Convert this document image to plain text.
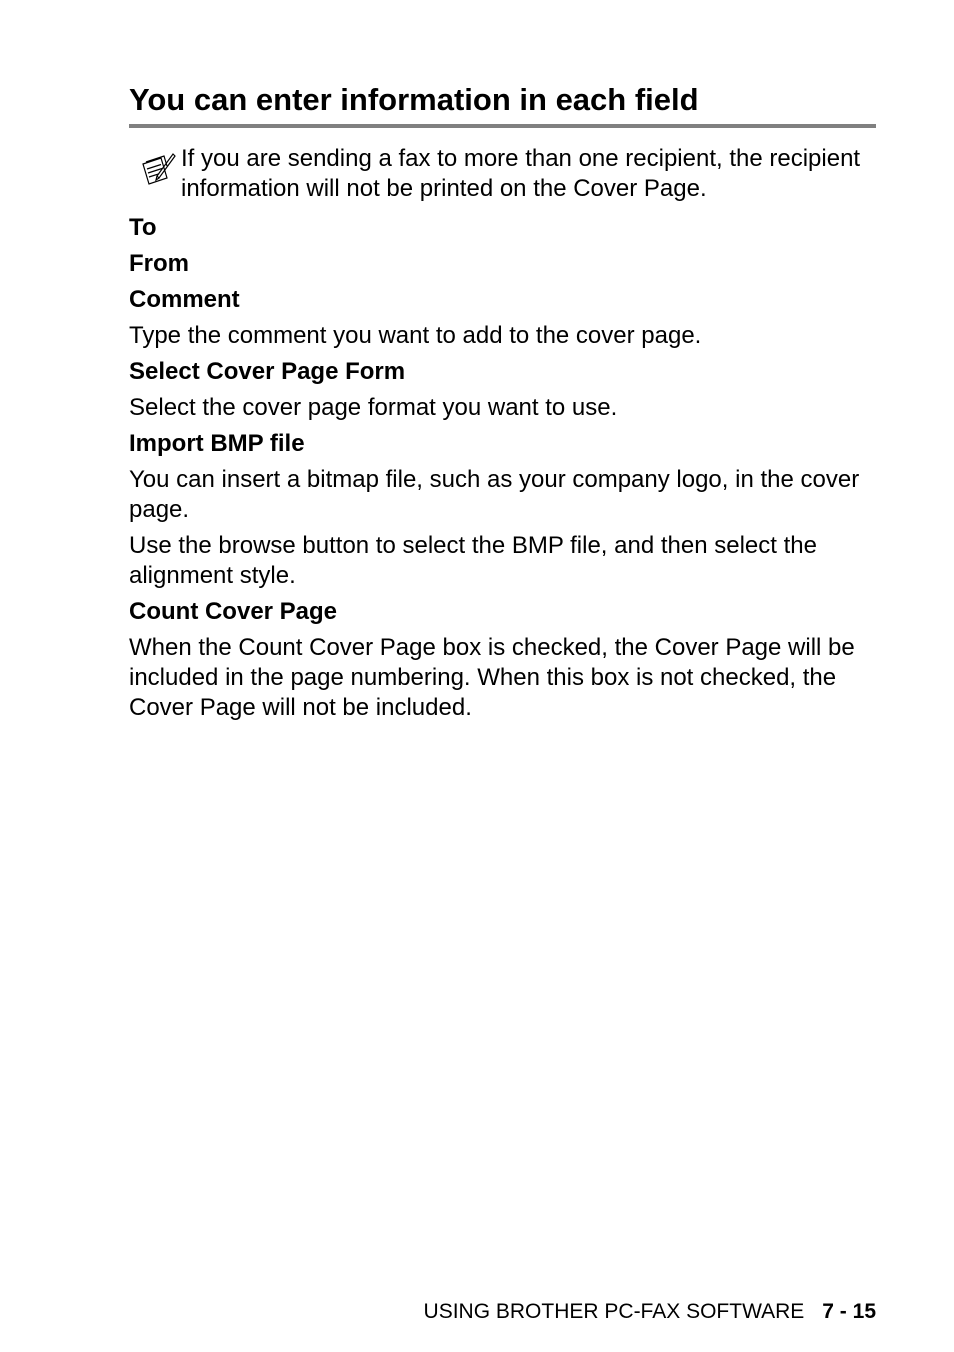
You can enter information in each field

If you are sending a fax to more than one recipient, the recipient information will not be printed on the Cover Page.

To

From

Comment

Type the comment you want to add to the cover page.

Select Cover Page Form

Select the cover page format you want to use.

Import BMP file

You can insert a bitmap file, such as your company logo, in the cover page.

Use the browse button to select the BMP file, and then select the alignment style.

Count Cover Page

When the Count Cover Page box is checked, the Cover Page will be included in the page numbering. When this box is not checked, the Cover Page will not be included.

USING BROTHER PC-FAX SOFTWARE 7 - 15
